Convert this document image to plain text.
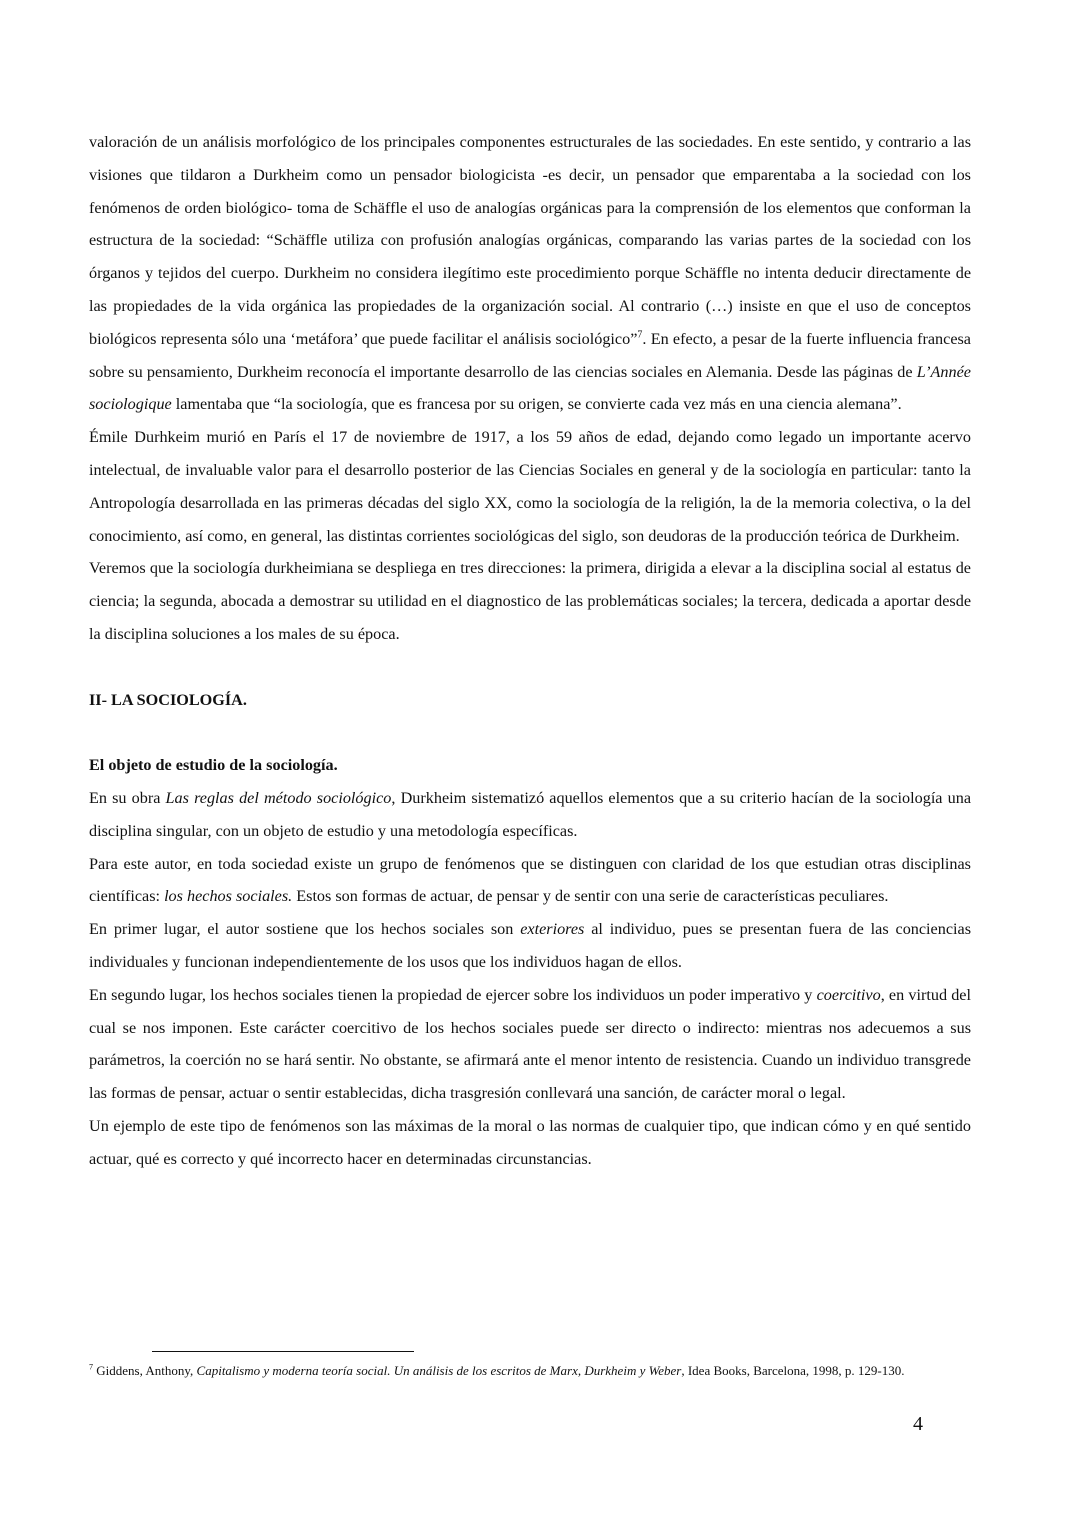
valoración de un análisis morfológico de los principales componentes estructurales de las sociedades. En este sentido, y contrario a las visiones que tildaron a Durkheim como un pensador biologicista -es decir, un pensador que emparentaba a la sociedad con los fenómenos de orden biológico- toma de Schäffle el uso de analogías orgánicas para la comprensión de los elementos que conforman la estructura de la sociedad: “Schäffle utiliza con profusión analogías orgánicas, comparando las varias partes de la sociedad con los órganos y tejidos del cuerpo. Durkheim no considera ilegítimo este procedimiento porque Schäffle no intenta deducir directamente de las propiedades de la vida orgánica las propiedades de la organización social. Al contrario (…) insiste en que el uso de conceptos biológicos representa sólo una ‘metáfora’ que puede facilitar el análisis sociológico”$^7$. En efecto, a pesar de la fuerte influencia francesa sobre su pensamiento, Durkheim reconocía el importante desarrollo de las ciencias sociales en Alemania. Desde las páginas de L’Année sociologique lamentaba que “la sociología, que es francesa por su origen, se convierte cada vez más en una ciencia alemana”.

Émile Durhkeim murió en París el 17 de noviembre de 1917, a los 59 años de edad, dejando como legado un importante acervo intelectual, de invaluable valor para el desarrollo posterior de las Ciencias Sociales en general y de la sociología en particular: tanto la Antropología desarrollada en las primeras décadas del siglo XX, como la sociología de la religión, la de la memoria colectiva, o la del conocimiento, así como, en general, las distintas corrientes sociológicas del siglo, son deudoras de la producción teórica de Durkheim.

Veremos que la sociología durkheimiana se despliega en tres direcciones: la primera, dirigida a elevar a la disciplina social al estatus de ciencia; la segunda, abocada a demostrar su utilidad en el diagnostico de las problemáticas sociales; la tercera, dedicada a aportar desde la disciplina soluciones a los males de su época.

II- LA SOCIOLOGÍA.

El objeto de estudio de la sociología.

En su obra Las reglas del método sociológico, Durkheim sistematizó aquellos elementos que a su criterio hacían de la sociología una disciplina singular, con un objeto de estudio y una metodología específicas.

Para este autor, en toda sociedad existe un grupo de fenómenos que se distinguen con claridad de los que estudian otras disciplinas científicas: los hechos sociales. Estos son formas de actuar, de pensar y de sentir con una serie de características peculiares.

En primer lugar, el autor sostiene que los hechos sociales son exteriores al individuo, pues se presentan fuera de las conciencias individuales y funcionan independientemente de los usos que los individuos hagan de ellos.

En segundo lugar, los hechos sociales tienen la propiedad de ejercer sobre los individuos un poder imperativo y coercitivo, en virtud del cual se nos imponen. Este carácter coercitivo de los hechos sociales puede ser directo o indirecto: mientras nos adecuemos a sus parámetros, la coerción no se hará sentir. No obstante, se afirmará ante el menor intento de resistencia. Cuando un individuo transgrede las formas de pensar, actuar o sentir establecidas, dicha trasgresión conllevará una sanción, de carácter moral o legal.

Un ejemplo de este tipo de fenómenos son las máximas de la moral o las normas de cualquier tipo, que indican cómo y en qué sentido actuar, qué es correcto y qué incorrecto hacer en determinadas circunstancias.

$^7$ Giddens, Anthony, Capitalismo y moderna teoría social. Un análisis de los escritos de Marx, Durkheim y Weber, Idea Books, Barcelona, 1998, p. 129-130.
4
